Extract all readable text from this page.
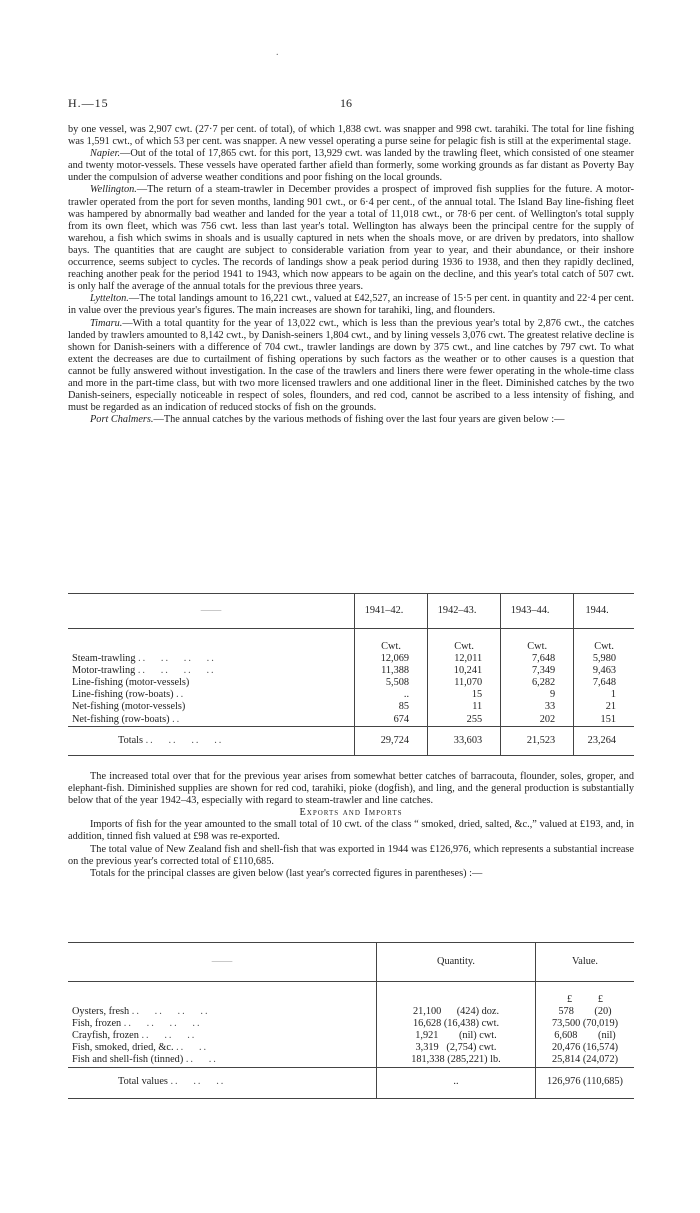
.
H.—15	16

by one vessel, was 2,907 cwt. (27·7 per cent. of total), of which 1,838 cwt. was snapper and 998 cwt. tarahiki. The total for line fishing was 1,591 cwt., of which 53 per cent. was snapper. A new vessel operating a purse seine for pelagic fish is still at the experimental stage.

Napier.—Out of the total of 17,865 cwt. for this port, 13,929 cwt. was landed by the trawling fleet, which consisted of one steamer and twenty motor-vessels. These vessels have operated farther afield than formerly, some working grounds as far distant as Poverty Bay under the compulsion of adverse weather conditions and poor fishing on the local grounds.

Wellington.—The return of a steam-trawler in December provides a prospect of improved fish supplies for the future. A motor-trawler operated from the port for seven months, landing 901 cwt., or 6·4 per cent., of the annual total. The Island Bay line-fishing fleet was hampered by abnormally bad weather and landed for the year a total of 11,018 cwt., or 78·6 per cent. of Wellington's total supply from its own fleet, which was 756 cwt. less than last year's total. Wellington has always been the principal centre for the supply of warehou, a fish which swims in shoals and is usually captured in nets when the shoals move, or are driven by predators, into shallow bays. The quantities that are caught are subject to considerable variation from year to year, and their abundance, or their inshore occurrence, seems subject to cycles. The records of landings show a peak period during 1936 to 1938, and then they rapidly declined, reaching another peak for the period 1941 to 1943, which now appears to be again on the decline, and this year's total catch of 507 cwt. is only half the average of the annual totals for the previous three years.

Lyttelton.—The total landings amount to 16,221 cwt., valued at £42,527, an increase of 15·5 per cent. in quantity and 22·4 per cent. in value over the previous year's figures. The main increases are shown for tarahiki, ling, and flounders.

Timaru.—With a total quantity for the year of 13,022 cwt., which is less than the previous year's total by 2,876 cwt., the catches landed by trawlers amounted to 8,142 cwt., by Danish-seiners 1,804 cwt., and by lining vessels 3,076 cwt. The greatest relative decline is shown for Danish-seiners with a difference of 704 cwt., trawler landings are down by 375 cwt., and line catches by 797 cwt. To what extent the decreases are due to curtailment of fishing operations by such factors as the weather or to other causes is a question that cannot be fully answered without investigation. In the case of the trawlers and liners there were fewer operating in the whole-time class and more in the part-time class, but with two more licensed trawlers and one additional liner in the fleet. Diminished catches by the two Danish-seiners, especially noticeable in respect of soles, flounders, and red cod, cannot be ascribed to a less intensity of fishing, and must be regarded as an indication of reduced stocks of fish on the grounds.

Port Chalmers.—The annual catches by the various methods of fishing over the last four years are given below :—

——	1941–42.	1942–43.	1943–44.	1944.
	Cwt.	Cwt.	Cwt.	Cwt.
Steam-trawling ..   ..   ..   ..	12,069	12,011	7,648	5,980
Motor-trawling ..   ..   ..   ..	11,388	10,241	7,349	9,463
Line-fishing (motor-vessels)	5,508	11,070	6,282	7,648
Line-fishing (row-boats) ..	..	15	9	1
Net-fishing (motor-vessels)	85	11	33	21
Net-fishing (row-boats) ..	674	255	202	151
Totals ..   ..   ..   ..	29,724	33,603	21,523	23,264

The increased total over that for the previous year arises from somewhat better catches of barracouta, flounder, soles, groper, and elephant-fish. Diminished supplies are shown for red cod, tarahiki, pioke (dogfish), and ling, and the general production is substantially below that of the year 1942–43, especially with regard to steam-trawler and line catches.

Exports and Imports

Imports of fish for the year amounted to the small total of 10 cwt. of the class “ smoked, dried, salted, &c.,” valued at £193, and, in addition, tinned fish valued at £98 was re-exported.

The total value of New Zealand fish and shell-fish that was exported in 1944 was £126,976, which represents a substantial increase on the previous year's corrected total of £110,685.

Totals for the principal classes are given below (last year's corrected figures in parentheses) :—

——	Quantity.	Value.
		£          £
Oysters, fresh ..   ..   ..   ..	21,100      (424) doz.	578        (20)
Fish, frozen ..   ..   ..   ..	16,628 (16,438) cwt.	73,500 (70,019)
Crayfish, frozen ..   ..   ..	1,921        (nil) cwt.	6,608        (nil)
Fish, smoked, dried, &c. ..   ..	3,319   (2,754) cwt.	20,476 (16,574)
Fish and shell-fish (tinned) ..   ..	181,338 (285,221) lb.	25,814 (24,072)
Total values ..   ..   ..	..	126,976 (110,685)
